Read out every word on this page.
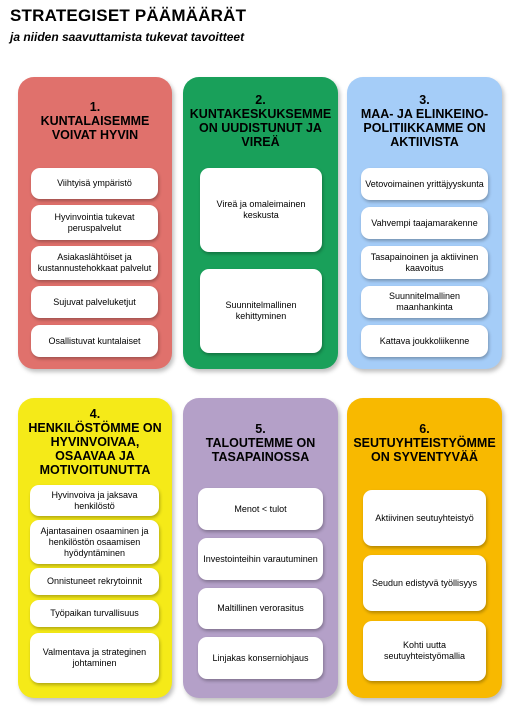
STRATEGISET PÄÄMÄÄRÄT
ja niiden saavuttamista tukevat tavoitteet
1.
KUNTALAISEMME
VOIVAT HYVIN
Viihtyisä ympäristö
Hyvinvointia tukevat peruspalvelut
Asiakaslähtöiset ja kustannustehokkaat palvelut
Sujuvat palveluketjut
Osallistuvat kuntalaiset
2.
KUNTAKESKUKSEMME
ON UUDISTUNUT JA
VIREÄ
Vireä ja omaleimainen keskusta
Suunnitelmallinen kehittyminen
3.
MAA- JA ELINKEINO-
POLITIIKKAMME ON
AKTIIVISTA
Vetovoimainen yrittäjyyskunta
Vahvempi taajamarakenne
Tasapainoinen ja aktiivinen kaavoitus
Suunnitelmallinen maanhankinta
Kattava joukkoliikenne
4.
HENKILÖSTÖMME ON
HYVINVOIVAA,
OSAAVAA JA
MOTIVOITUNUTTA
Hyvinvoiva ja jaksava henkilöstö
Ajantasainen osaaminen ja henkilöstön osaamisen hyödyntäminen
Onnistuneet rekrytoinnit
Työpaikan turvallisuus
Valmentava ja strateginen johtaminen
5.
TALOUTEMME ON
TASAPAINOSSA
Menot < tulot
Investointeihin varautuminen
Maltillinen verorasitus
Linjakas konserniohjaus
6.
SEUTUYHTEISTYÖMME
ON SYVENTYVÄÄ
Aktiivinen seutuyhteistyö
Seudun edistyvä työllisyys
Kohti uutta seutuyhteistyömallia
